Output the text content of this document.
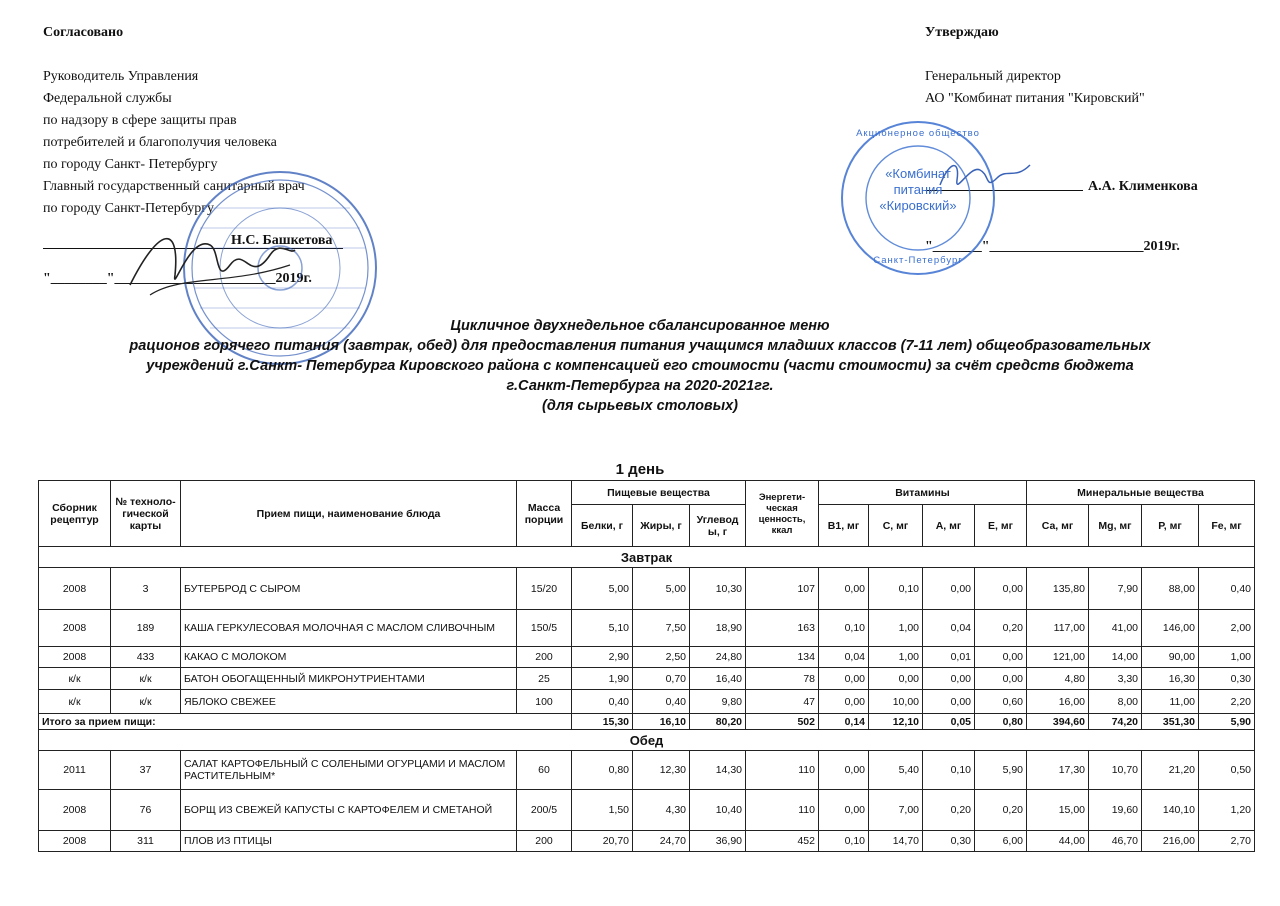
Согласовано
Руководитель Управления
Федеральной службы
по надзору в сфере защиты прав
потребителей и благополучия человека
по городу Санкт- Петербургу
Главный государственный санитарный врач
по городу Санкт-Петербургу
Н.С. Башкетова
"________"_______________________2019г.
Утверждаю
Генеральный директор
АО "Комбинат питания "Кировский"
А.А. Клименкова
"_______"______________________2019г.
Акционерное общество
«Комбинат
питания
«Кировский»
Санкт-Петербург
Цикличное двухнедельное сбалансированное меню
рационов горячего питания (завтрак, обед) для предоставления питания учащимся младших классов (7-11 лет) общеобразовательных
учреждений г.Санкт- Петербурга Кировского района с компенсацией его стоимости (части стоимости) за счёт средств бюджета
г.Санкт-Петербурга на 2020-2021гг.
(для сырьевых столовых)
1 день
Сборник рецептур	№ техноло-гической карты	Прием пищи, наименование блюда	Масса порции	Пищевые вещества			Энергети-ческая ценность, ккал	Витамины				Минеральные вещества			
				Белки, г	Жиры, г	Углевод ы, г		В1, мг	С, мг	А, мг	Е, мг	Са, мг	Mg, мг	Р, мг	Fe, мг
Завтрак															
2008	3	БУТЕРБРОД С СЫРОМ	15/20	5,00	5,00	10,30	107	0,00	0,10	0,00	0,00	135,80	7,90	88,00	0,40
2008	189	КАША ГЕРКУЛЕСОВАЯ МОЛОЧНАЯ С МАСЛОМ СЛИВОЧНЫМ	150/5	5,10	7,50	18,90	163	0,10	1,00	0,04	0,20	117,00	41,00	146,00	2,00
2008	433	КАКАО С МОЛОКОМ	200	2,90	2,50	24,80	134	0,04	1,00	0,01	0,00	121,00	14,00	90,00	1,00
к/к	к/к	БАТОН ОБОГАЩЕННЫЙ МИКРОНУТРИЕНТАМИ	25	1,90	0,70	16,40	78	0,00	0,00	0,00	0,00	4,80	3,30	16,30	0,30
к/к	к/к	ЯБЛОКО СВЕЖЕЕ	100	0,40	0,40	9,80	47	0,00	10,00	0,00	0,60	16,00	8,00	11,00	2,20
Итого за прием пищи:				15,30	16,10	80,20	502	0,14	12,10	0,05	0,80	394,60	74,20	351,30	5,90
Обед															
2011	37	САЛАТ КАРТОФЕЛЬНЫЙ С СОЛЕНЫМИ ОГУРЦАМИ И МАСЛОМ РАСТИТЕЛЬНЫМ*	60	0,80	12,30	14,30	110	0,00	5,40	0,10	5,90	17,30	10,70	21,20	0,50
2008	76	БОРЩ ИЗ СВЕЖЕЙ КАПУСТЫ С КАРТОФЕЛЕМ И СМЕТАНОЙ	200/5	1,50	4,30	10,40	110	0,00	7,00	0,20	0,20	15,00	19,60	140,10	1,20
2008	311	ПЛОВ ИЗ ПТИЦЫ	200	20,70	24,70	36,90	452	0,10	14,70	0,30	6,00	44,00	46,70	216,00	2,70
